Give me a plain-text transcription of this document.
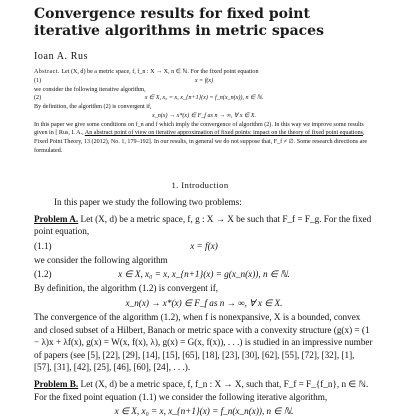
Convergence results for fixed point iterative algorithms in metric spaces
Ioan A. Rus

Abstract. Let (X, d) be a metric space, f, f_n : X → X, n ∈ ℕ. For the fixed point equation

(1)	x = f(x)

we consider the following iterative algorithm,

(2)	x ∈ X, x₀ = x, x_{n+1}(x) = f_n(x_n(x)), n ∈ ℕ.

By definition, the algorithm (2) is convergent if,

x_n(x) → x*(x) ∈ F_f as n → ∞, ∀ x ∈ X.

In this paper we give some conditions on f_n and f which imply the convergence of algorithm (2). In this way we improve some results given in [ Rus, I. A., An abstract point of view on iterative approximation of fixed points: impact on the theory of fixed point equations, Fixed Point Theory, 13 (2012), No. 1, 179–192]. In our results, in general we do not suppose that, F_f ≠ ∅. Some research directions are formulated.

1. Introduction

In this paper we study the following two problems:

Problem A. Let (X, d) be a metric space, f, g : X → X be such that F_f = F_g. For the fixed point equation,

(1.1)	x = f(x)

we consider the following algorithm

(1.2)	x ∈ X, x₀ = x, x_{n+1}(x) = g(x_n(x)), n ∈ ℕ.

By definition, the algorithm (1.2) is convergent if,

x_n(x) → x*(x) ∈ F_f as n → ∞, ∀ x ∈ X.

The convergence of the algorithm (1.2), when f is nonexpansive, X is a bounded, convex and closed subset of a Hilbert, Banach or metric space with a convexity structure (g(x) = (1 − λ)x + λf(x), g(x) = W(x, f(x), λ), g(x) = G(x, f(x)), . . .) is studied in an impressive number of papers (see [5], [22], [29], [14], [15], [65], [18], [23], [30], [62], [55], [72], [32], [1], [57], [31], [42], [25], [46], [60], [24], . . .).

Problem B. Let (X, d) be a metric space, f, f_n : X → X, such that, F_f = F_{f_n}, n ∈ ℕ. For the fixed point equation (1.1) we consider the following iterative algorithm,

x ∈ X, x₀ = x, x_{n+1}(x) = f_n(x_n(x)), n ∈ ℕ.
